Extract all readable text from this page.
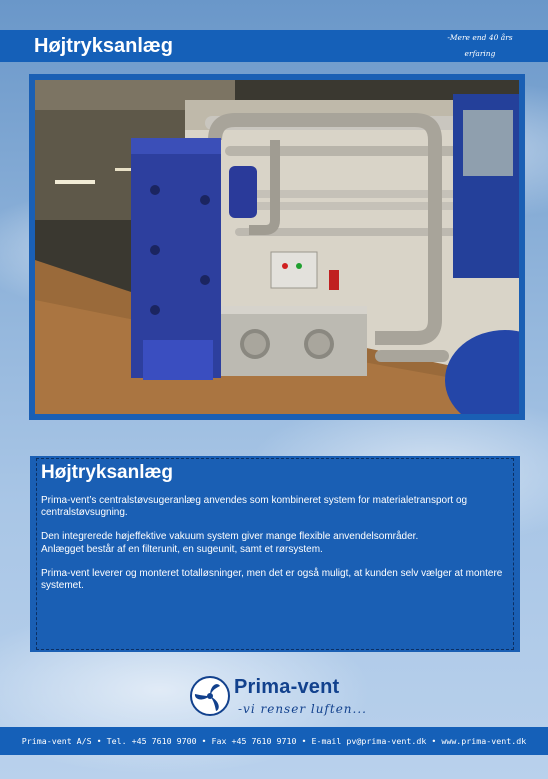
Højtryksanlæg	-Mere end 40 års
erfaring
Højtryksanlæg

Prima-vent’s centralstøvsugeranlæg anvendes som kombineret system for materialetransport og centralstøvsugning.

Den integrerede højeffektive vakuum system giver mange flexible anvendelsområder.
Anlægget består af en filterunit, en sugeunit, samt et rørsystem.

Prima-vent leverer og monteret totalløsninger, men det er også muligt, at kunden selv vælger at montere systemet.

Prima-vent
-vi renser luften...
Prima-vent A/S • Tel. +45 7610 9700 • Fax +45 7610 9710 • E-mail pv@prima-vent.dk • www.prima-vent.dk
